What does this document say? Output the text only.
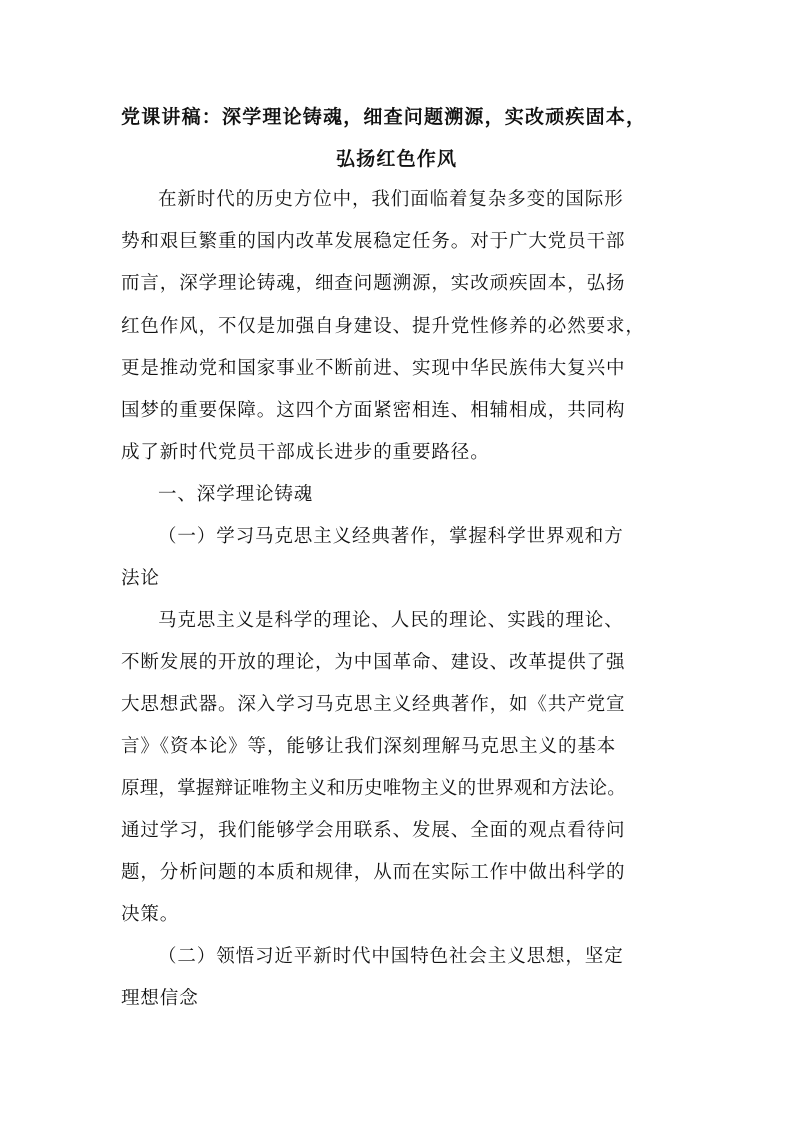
党课讲稿：深学理论铸魂，细查问题溯源，实改顽疾固本，
弘扬红色作风
在新时代的历史方位中，我们面临着复杂多变的国际形
势和艰巨繁重的国内改革发展稳定任务。对于广大党员干部
而言，深学理论铸魂，细查问题溯源，实改顽疾固本，弘扬
红色作风，不仅是加强自身建设、提升党性修养的必然要求，
更是推动党和国家事业不断前进、实现中华民族伟大复兴中
国梦的重要保障。这四个方面紧密相连、相辅相成，共同构
成了新时代党员干部成长进步的重要路径。
一、深学理论铸魂
（一）学习马克思主义经典著作，掌握科学世界观和方
法论
马克思主义是科学的理论、人民的理论、实践的理论、
不断发展的开放的理论，为中国革命、建设、改革提供了强
大思想武器。深入学习马克思主义经典著作，如《共产党宣
言》《资本论》等，能够让我们深刻理解马克思主义的基本
原理，掌握辩证唯物主义和历史唯物主义的世界观和方法论。
通过学习，我们能够学会用联系、发展、全面的观点看待问
题，分析问题的本质和规律，从而在实际工作中做出科学的
决策。
（二）领悟习近平新时代中国特色社会主义思想，坚定
理想信念
